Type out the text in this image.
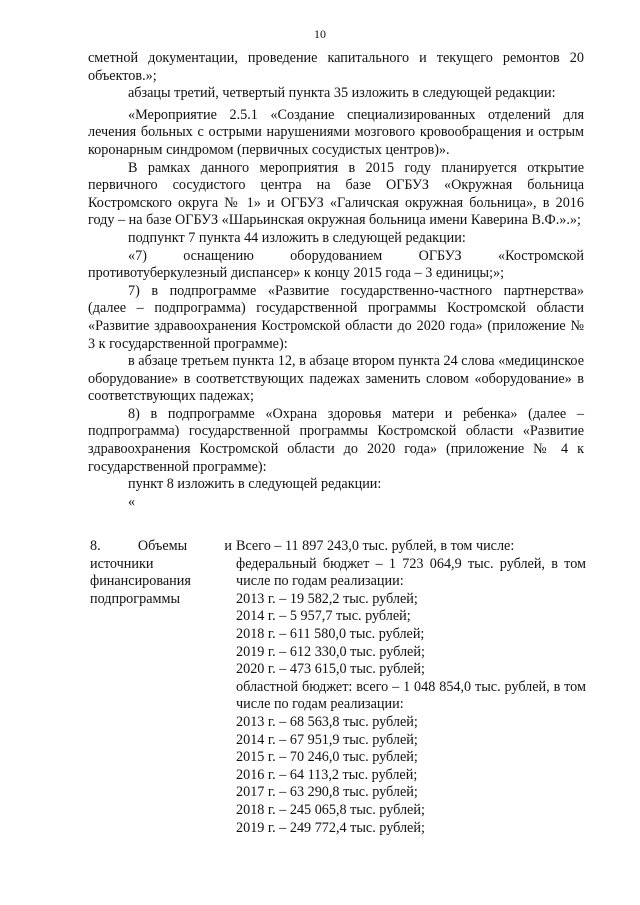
10

сметной документации, проведение капитального и текущего ремонтов 20 объектов.»;

абзацы третий, четвертый пункта 35 изложить в следующей редакции:

«Мероприятие 2.5.1 «Создание специализированных отделений для лечения больных с острыми нарушениями мозгового кровообращения и острым коронарным синдромом (первичных сосудистых центров)».

В рамках данного мероприятия в 2015 году планируется открытие первичного сосудистого центра на базе ОГБУЗ «Окружная больница Костромского округа № 1» и ОГБУЗ «Галичская окружная больница», в 2016 году – на базе ОГБУЗ «Шарьинская окружная больница имени Каверина В.Ф.».»;

подпункт 7 пункта 44 изложить в следующей редакции:

«7) оснащению оборудованием ОГБУЗ «Костромской противотуберкулезный диспансер» к концу 2015 года – 3 единицы;»;

7) в подпрограмме «Развитие государственно-частного партнерства» (далее – подпрограмма) государственной программы Костромской области «Развитие здравоохранения Костромской области до 2020 года» (приложение № 3 к государственной программе):

в абзаце третьем пункта 12, в абзаце втором пункта 24 слова «медицинское оборудование» в соответствующих падежах заменить словом «оборудование» в соответствующих падежах;

8) в подпрограмме «Охрана здоровья матери и ребенка» (далее – подпрограмма) государственной программы Костромской области «Развитие здравоохранения Костромской области до 2020 года» (приложение № 4 к государственной программе):

пункт 8 изложить в следующей редакции:

«

8.	Объемы	и
источники
финансирования
подпрограммы
Всего – 11 897 243,0 тыс. рублей, в том числе:
федеральный бюджет – 1 723 064,9 тыс. рублей, в том числе по годам реализации:
2013 г. – 19 582,2 тыс. рублей;
2014 г. – 5 957,7 тыс. рублей;
2018 г. – 611 580,0 тыс. рублей;
2019 г. – 612 330,0 тыс. рублей;
2020 г. – 473 615,0 тыс. рублей;
областной бюджет: всего – 1 048 854,0 тыс. рублей, в том числе по годам реализации:
2013 г. – 68 563,8 тыс. рублей;
2014 г. – 67 951,9 тыс. рублей;
2015 г. – 70 246,0 тыс. рублей;
2016 г. – 64 113,2 тыс. рублей;
2017 г. – 63 290,8 тыс. рублей;
2018 г. – 245 065,8 тыс. рублей;
2019 г. – 249 772,4 тыс. рублей;
